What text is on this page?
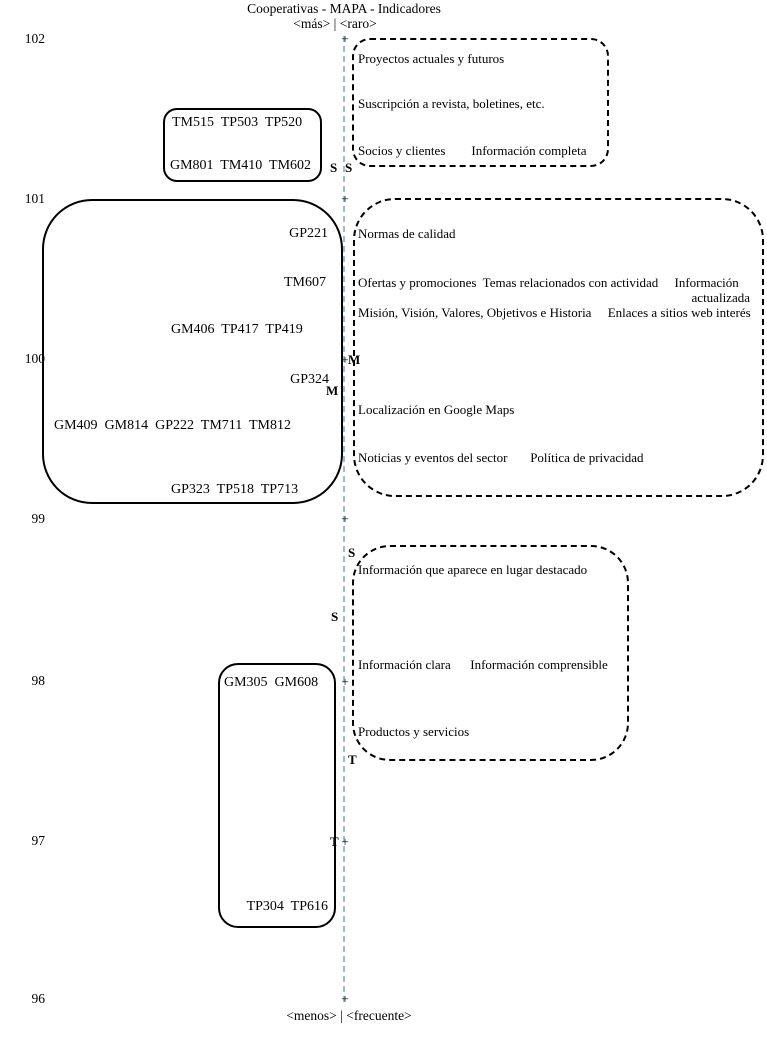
Cooperativas - MAPA - Indicadores
<más> | <raro>
102
101
100
99
98
97
96
+
+
+
+
+
+
+
S S
M
M
S
S
T
T
TM515  TP503  TP520
GM801  TM410  TM602
GP221
TM607
GM406  TP417  TP419
GP324
GM409  GM814  GP222  TM711  TM812
GP323  TP518  TP713
GM305  GM608
TP304  TP616
Proyectos actuales y futuros
Suscripción a revista, boletines, etc.
Socios y clientes        Información completa
Normas de calidad
Ofertas y promociones  Temas relacionados con actividad     Información
actualizada
Misión, Visión, Valores, Objetivos e Historia     Enlaces a sitios web interés
Localización en Google Maps
Noticias y eventos del sector       Política de privacidad
Información que aparece en lugar destacado
Información clara      Información comprensible
Productos y servicios
<menos> | <frecuente>
